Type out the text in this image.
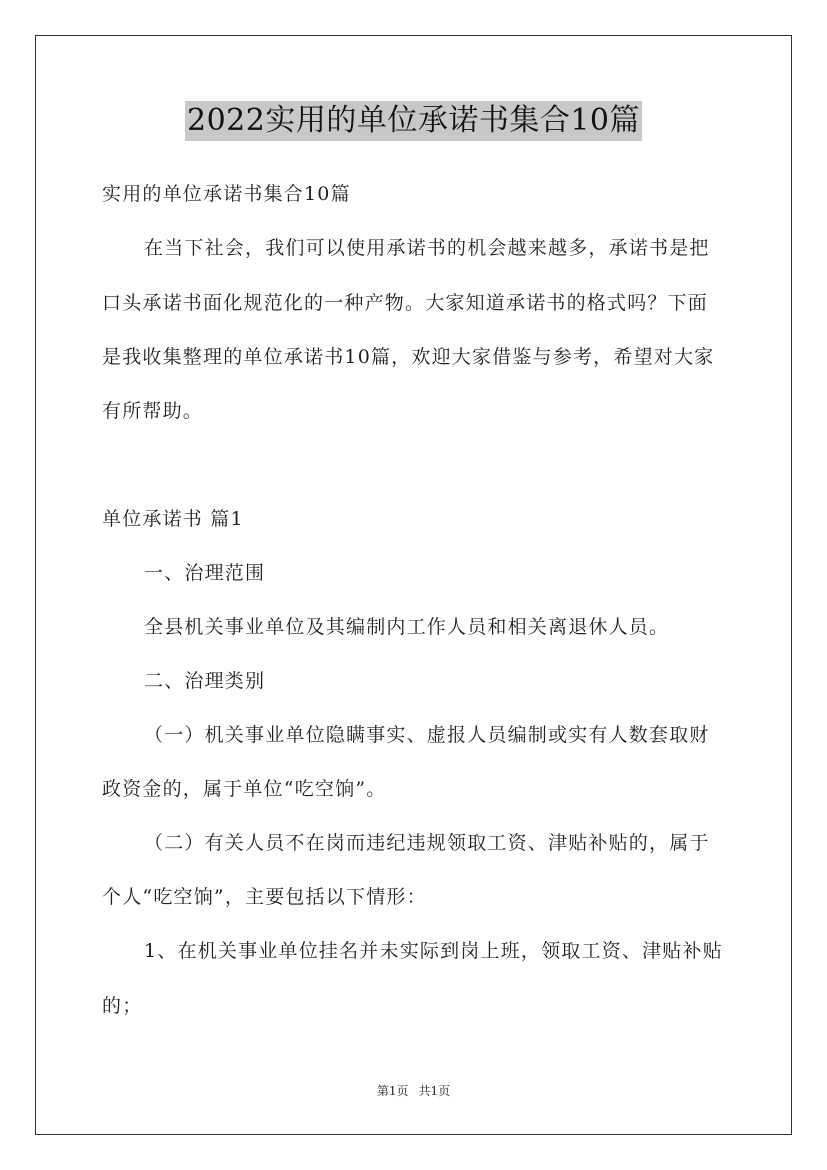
2022实用的单位承诺书集合10篇
实用的单位承诺书集合10篇
在当下社会，我们可以使用承诺书的机会越来越多，承诺书是把
口头承诺书面化规范化的一种产物。大家知道承诺书的格式吗？下面
是我收集整理的单位承诺书10篇，欢迎大家借鉴与参考，希望对大家
有所帮助。
单位承诺书 篇1
一、治理范围
全县机关事业单位及其编制内工作人员和相关离退休人员。
二、治理类别
（一）机关事业单位隐瞒事实、虚报人员编制或实有人数套取财
政资金的，属于单位“吃空饷”。
（二）有关人员不在岗而违纪违规领取工资、津贴补贴的，属于
个人“吃空饷”，主要包括以下情形：
1、在机关事业单位挂名并未实际到岗上班，领取工资、津贴补贴
的；
第1页 共1页
